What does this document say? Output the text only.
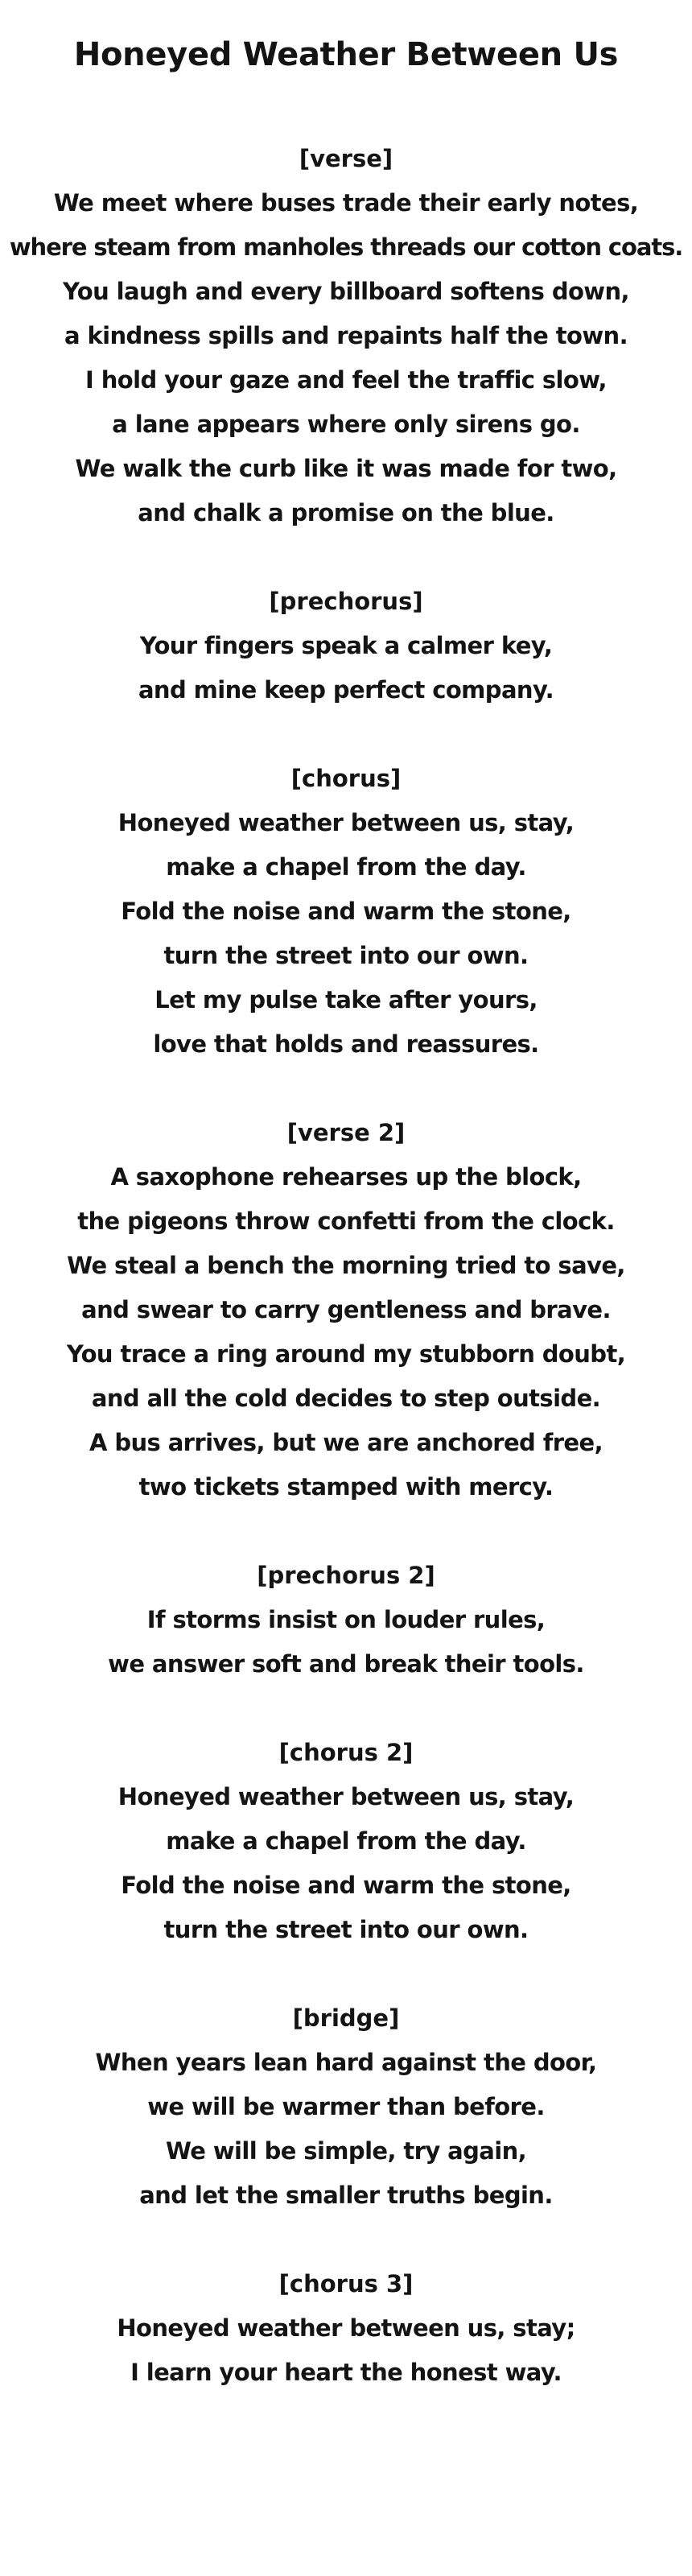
Honeyed Weather Between Us
[verse]
We meet where buses trade their early notes,
where steam from manholes threads our cotton coats.
You laugh and every billboard softens down,
a kindness spills and repaints half the town.
I hold your gaze and feel the traffic slow,
a lane appears where only sirens go.
We walk the curb like it was made for two,
and chalk a promise on the blue.
[prechorus]
Your fingers speak a calmer key,
and mine keep perfect company.
[chorus]
Honeyed weather between us, stay,
make a chapel from the day.
Fold the noise and warm the stone,
turn the street into our own.
Let my pulse take after yours,
love that holds and reassures.
[verse 2]
A saxophone rehearses up the block,
the pigeons throw confetti from the clock.
We steal a bench the morning tried to save,
and swear to carry gentleness and brave.
You trace a ring around my stubborn doubt,
and all the cold decides to step outside.
A bus arrives, but we are anchored free,
two tickets stamped with mercy.
[prechorus 2]
If storms insist on louder rules,
we answer soft and break their tools.
[chorus 2]
Honeyed weather between us, stay,
make a chapel from the day.
Fold the noise and warm the stone,
turn the street into our own.
[bridge]
When years lean hard against the door,
we will be warmer than before.
We will be simple, try again,
and let the smaller truths begin.
[chorus 3]
Honeyed weather between us, stay;
I learn your heart the honest way.
